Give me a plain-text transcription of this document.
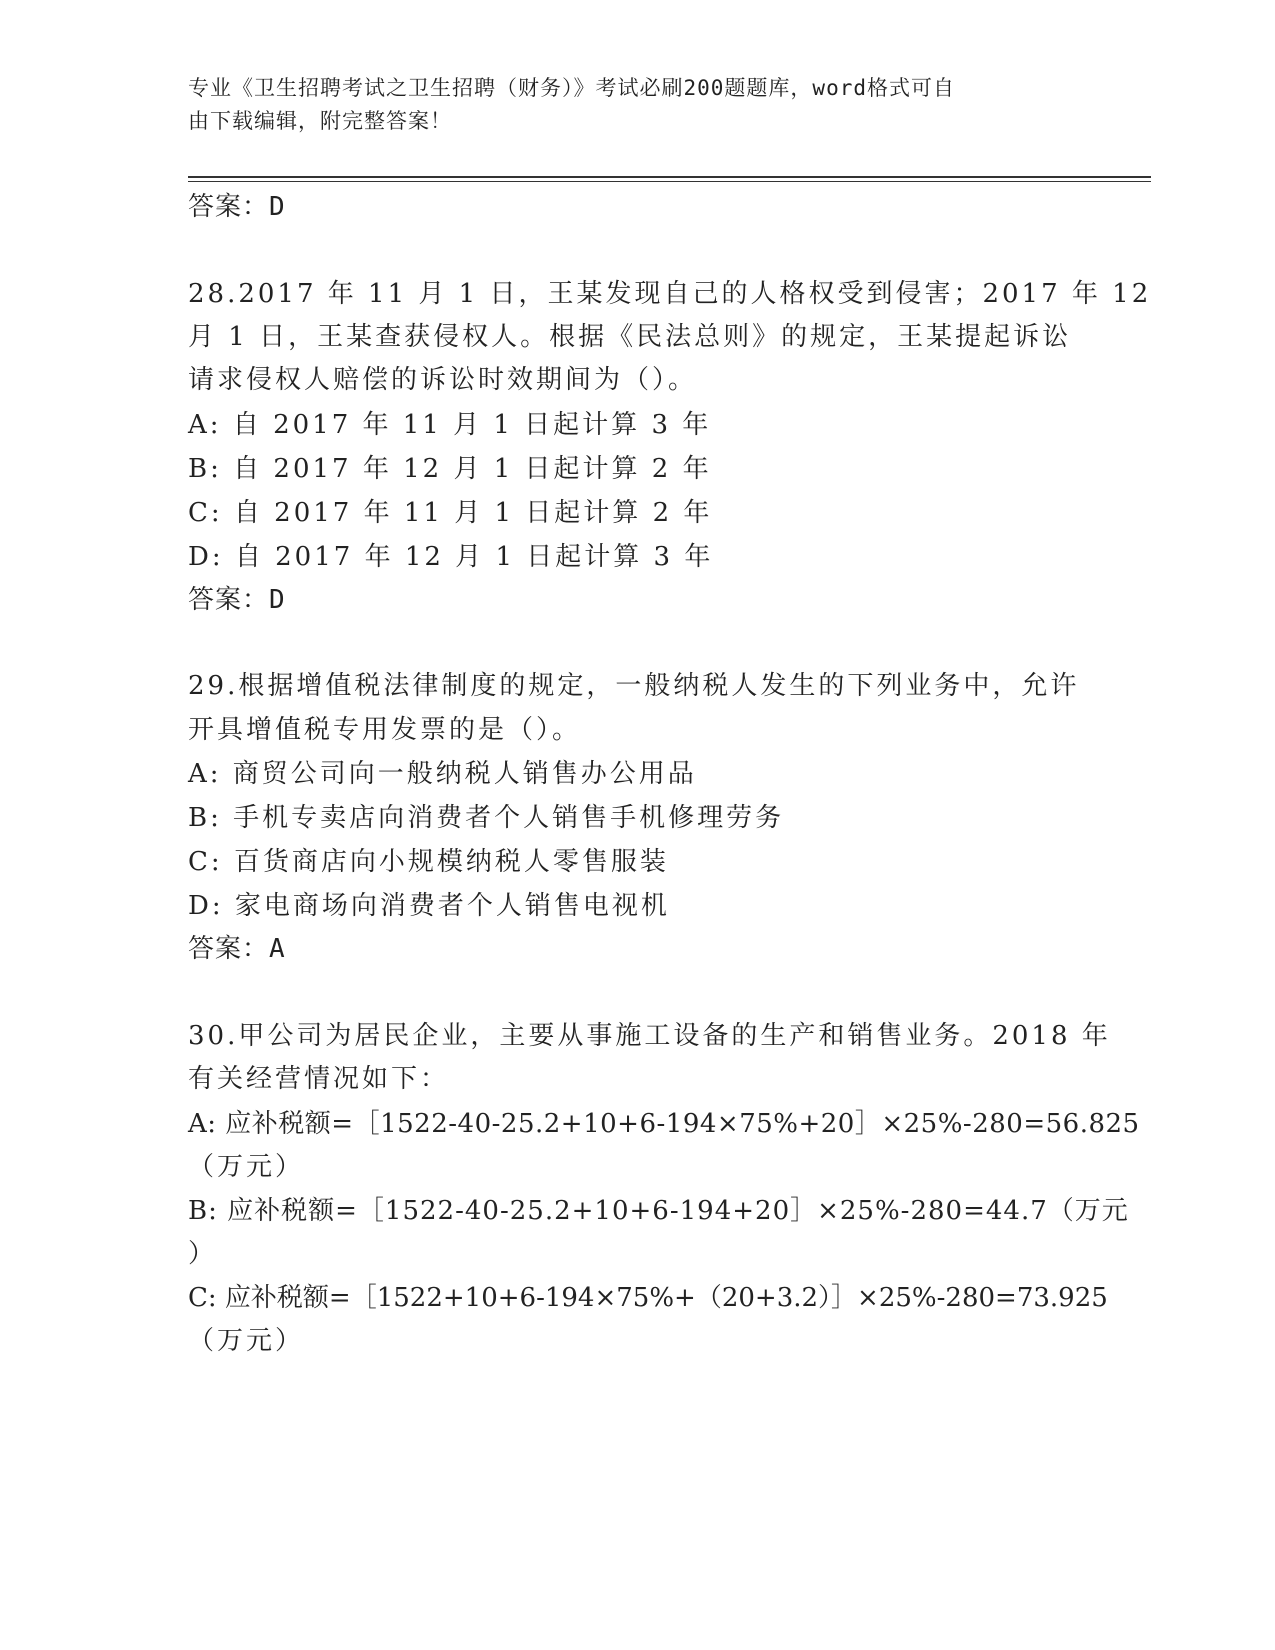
专业《卫生招聘考试之卫生招聘（财务）》考试必刷200题题库，word格式可自
由下载编辑，附完整答案！
答案：D
28.2017 年 11 月 1 日，王某发现自己的人格权受到侵害；2017 年 12
月 1 日，王某查获侵权人。根据《民法总则》的规定，王某提起诉讼
请求侵权人赔偿的诉讼时效期间为（）。
A: 自 2017 年 11 月 1 日起计算 3 年
B: 自 2017 年 12 月 1 日起计算 2 年
C: 自 2017 年 11 月 1 日起计算 2 年
D: 自 2017 年 12 月 1 日起计算 3 年
答案：D
29.根据增值税法律制度的规定，一般纳税人发生的下列业务中，允许
开具增值税专用发票的是（）。
A: 商贸公司向一般纳税人销售办公用品
B: 手机专卖店向消费者个人销售手机修理劳务
C: 百货商店向小规模纳税人零售服装
D: 家电商场向消费者个人销售电视机
答案：A
30.甲公司为居民企业，主要从事施工设备的生产和销售业务。2018 年
有关经营情况如下：
A: 应补税额=［1522-40-25.2+10+6-194×75%+20］×25%-280=56.825
（万元）
B: 应补税额=［1522-40-25.2+10+6-194+20］×25%-280=44.7（万元
）
C: 应补税额=［1522+10+6-194×75%+（20+3.2）］×25%-280=73.925
（万元）
